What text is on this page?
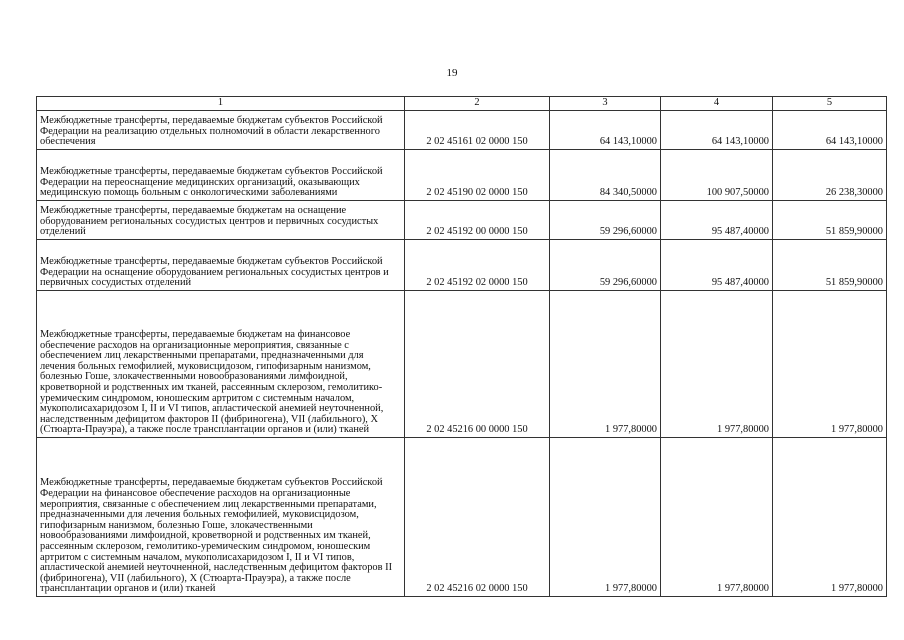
19
1	2	3	4	5
Межбюджетные трансферты, передаваемые бюджетам субъектов Российской Федерации на реализацию отдельных полномочий в области лекарственного обеспечения	2 02 45161 02 0000 150	64 143,10000	64 143,10000	64 143,10000
Межбюджетные трансферты, передаваемые бюджетам субъектов Российской Федерации на переоснащение медицинских организаций, оказывающих медицинскую помощь больным с онкологическими заболеваниями	2 02 45190 02 0000 150	84 340,50000	100 907,50000	26 238,30000
Межбюджетные трансферты, передаваемые бюджетам на оснащение оборудованием региональных сосудистых центров и первичных сосудистых отделений	2 02 45192 00 0000 150	59 296,60000	95 487,40000	51 859,90000
Межбюджетные трансферты, передаваемые бюджетам субъектов Российской Федерации на оснащение оборудованием региональных сосудистых центров и первичных сосудистых отделений	2 02 45192 02 0000 150	59 296,60000	95 487,40000	51 859,90000
Межбюджетные трансферты, передаваемые бюджетам на финансовое обеспечение расходов на организационные мероприятия, связанные с обеспечением лиц лекарственными препаратами, предназначенными для лечения больных гемофилией, муковисцидозом, гипофизарным нанизмом, болезнью Гоше, злокачественными новообразованиями лимфоидной, кроветворной и родственных им тканей, рассеянным склерозом, гемолитико-уремическим синдромом, юношеским артритом с системным началом, мукополисахаридозом I, II и VI типов, апластической анемией неуточненной, наследственным дефицитом факторов II (фибриногена), VII (лабильного), X (Стюарта-Прауэра), а также после трансплантации органов и (или) тканей	2 02 45216 00 0000 150	1 977,80000	1 977,80000	1 977,80000
Межбюджетные трансферты, передаваемые бюджетам субъектов Российской Федерации на финансовое обеспечение расходов на организационные мероприятия, связанные с обеспечением лиц лекарственными препаратами, предназначенными для лечения больных гемофилией, муковисцидозом, гипофизарным нанизмом, болезнью Гоше, злокачественными новообразованиями лимфоидной, кроветворной и родственных им тканей, рассеянным склерозом, гемолитико-уремическим синдромом, юношеским артритом с системным началом, мукополисахаридозом I, II и VI типов, апластической анемией неуточненной, наследственным дефицитом факторов II (фибриногена), VII (лабильного), X (Стюарта-Прауэра), а также после трансплантации органов и (или) тканей	2 02 45216 02 0000 150	1 977,80000	1 977,80000	1 977,80000
